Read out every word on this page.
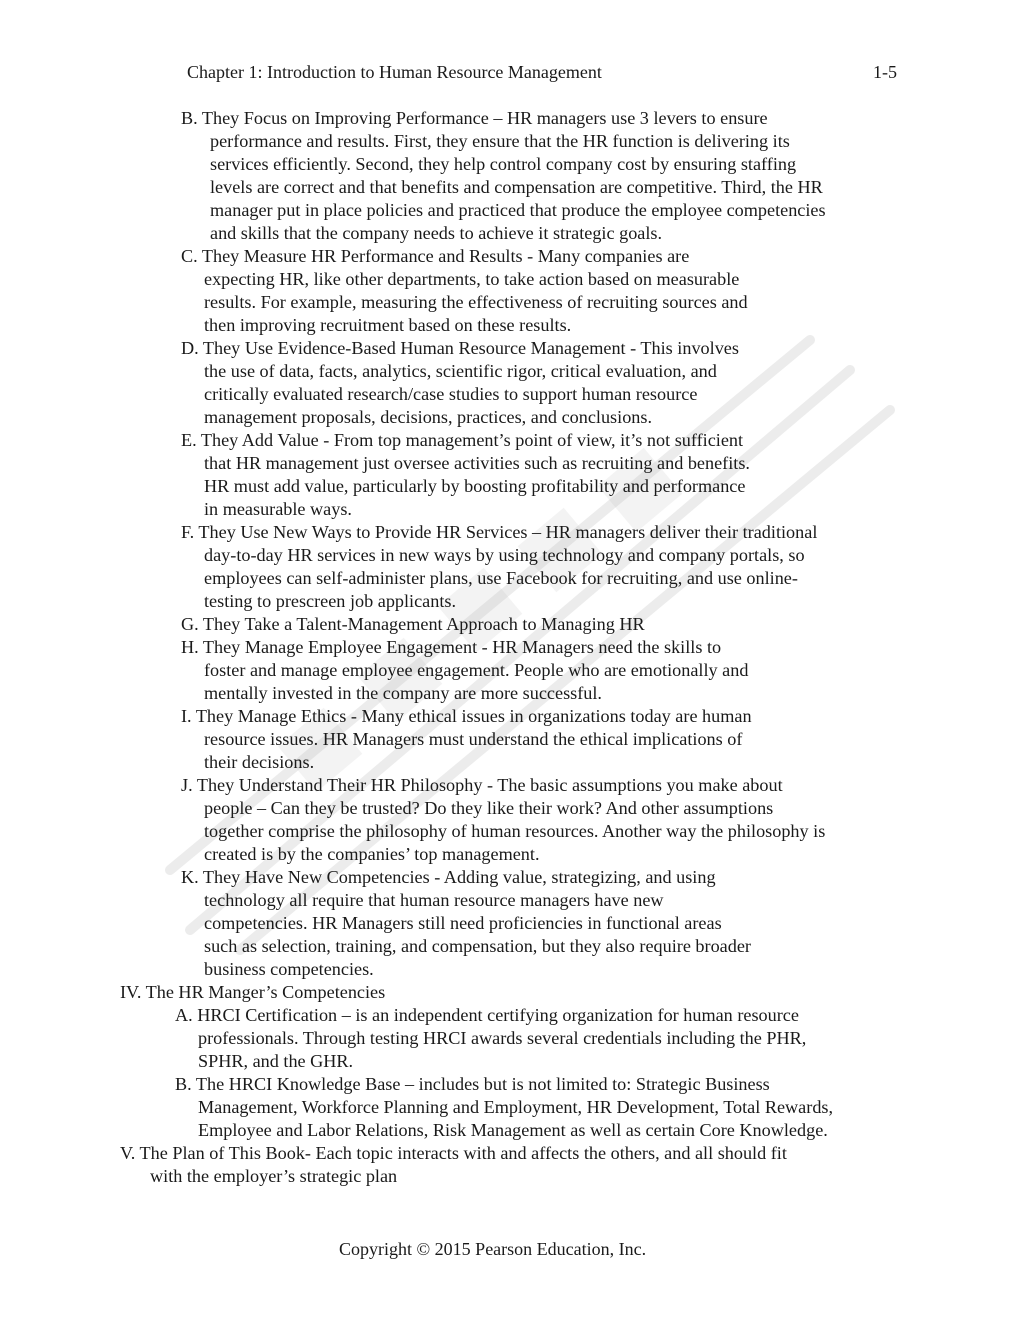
Chapter 1: Introduction to Human Resource Management	1-5
B. They Focus on Improving Performance – HR managers use 3 levers to ensure
performance and results. First, they ensure that the HR function is delivering its
services efficiently. Second, they help control company cost by ensuring staffing
levels are correct and that benefits and compensation are competitive. Third, the HR
manager put in place policies and practiced that produce the employee competencies
and skills that the company needs to achieve it strategic goals.
C. They Measure HR Performance and Results - Many companies are
expecting HR, like other departments, to take action based on measurable
results. For example, measuring the effectiveness of recruiting sources and
then improving recruitment based on these results.
D. They Use Evidence-Based Human Resource Management - This involves
the use of data, facts, analytics, scientific rigor, critical evaluation, and
critically evaluated research/case studies to support human resource
management proposals, decisions, practices, and conclusions.
E. They Add Value - From top management’s point of view, it’s not sufficient
that HR management just oversee activities such as recruiting and benefits.
HR must add value, particularly by boosting profitability and performance
in measurable ways.
F. They Use New Ways to Provide HR Services – HR managers deliver their traditional
day-to-day HR services in new ways by using technology and company portals, so
employees can self-administer plans, use Facebook for recruiting, and use online-
testing to prescreen job applicants.
G. They Take a Talent-Management Approach to Managing HR
H. They Manage Employee Engagement - HR Managers need the skills to
foster and manage employee engagement. People who are emotionally and
mentally invested in the company are more successful.
I. They Manage Ethics - Many ethical issues in organizations today are human
resource issues. HR Managers must understand the ethical implications of
their decisions.
J. They Understand Their HR Philosophy - The basic assumptions you make about
people – Can they be trusted? Do they like their work? And other assumptions
together comprise the philosophy of human resources. Another way the philosophy is
created is by the companies’ top management.
K. They Have New Competencies - Adding value, strategizing, and using
technology all require that human resource managers have new
competencies. HR Managers still need proficiencies in functional areas
such as selection, training, and compensation, but they also require broader
business competencies.
IV. The HR Manger’s Competencies
A. HRCI Certification – is an independent certifying organization for human resource
professionals. Through testing HRCI awards several credentials including the PHR,
SPHR, and the GHR.
B. The HRCI Knowledge Base – includes but is not limited to: Strategic Business
Management, Workforce Planning and Employment, HR Development, Total Rewards,
Employee and Labor Relations, Risk Management as well as certain Core Knowledge.
V. The Plan of This Book- Each topic interacts with and affects the others, and all should fit
with the employer’s strategic plan
Copyright © 2015 Pearson Education, Inc.
